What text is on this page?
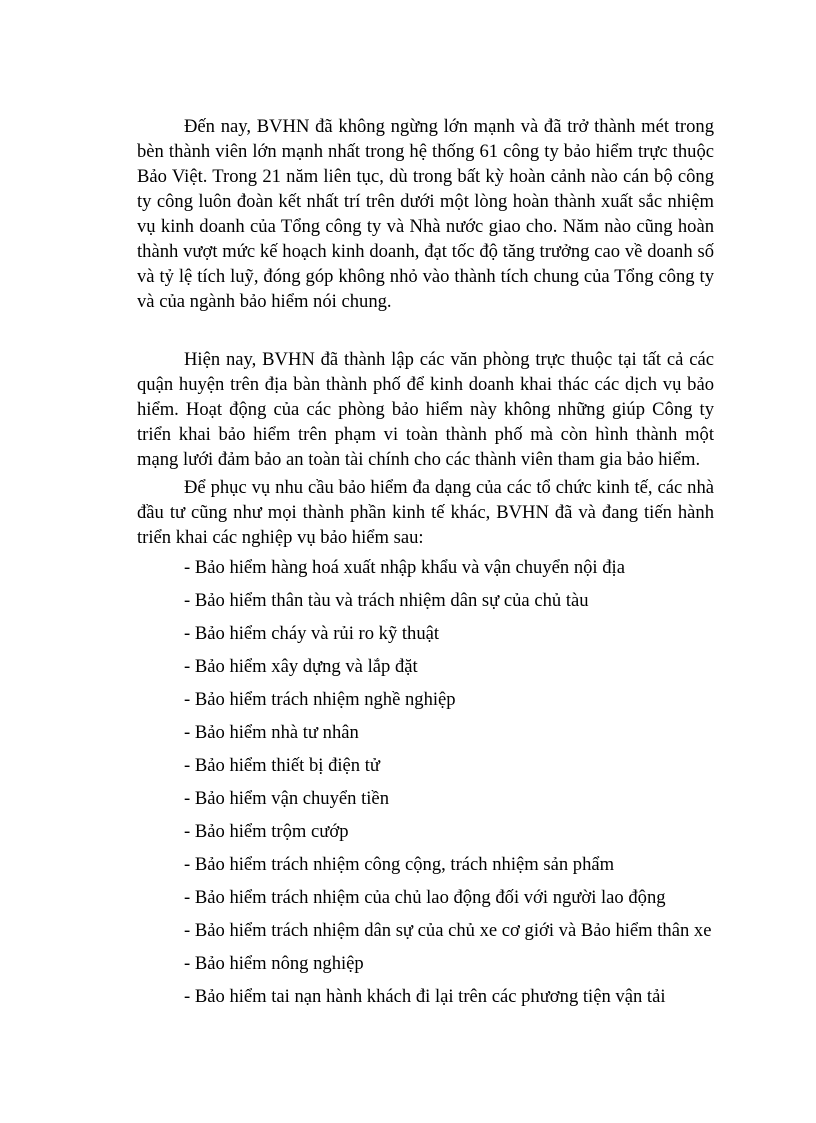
Đến nay, BVHN đã không ngừng lớn mạnh và đã trở thành mét trong bèn thành viên lớn mạnh nhất trong hệ thống 61 công ty bảo hiểm trực thuộc Bảo Việt. Trong 21 năm liên tục, dù trong bất kỳ hoàn cảnh nào cán bộ công ty công luôn đoàn kết nhất trí trên dưới một lòng hoàn thành xuất sắc nhiệm vụ kinh doanh của Tổng công ty và Nhà nước giao cho. Năm nào cũng hoàn thành vượt mức kế hoạch kinh doanh, đạt tốc độ tăng trưởng cao về doanh số và tỷ lệ tích luỹ, đóng góp không nhỏ vào thành tích chung của Tổng công ty và của ngành bảo hiểm nói chung.

Hiện nay, BVHN đã thành lập các văn phòng trực thuộc tại tất cả các quận huyện trên địa bàn thành phố để kinh doanh khai thác các dịch vụ bảo hiểm. Hoạt động của các phòng bảo hiểm này không những giúp Công ty triển khai bảo hiểm trên phạm vi toàn thành phố mà còn hình thành một mạng lưới đảm bảo an toàn tài chính cho các thành viên tham gia bảo hiểm.

Để phục vụ nhu cầu bảo hiểm đa dạng của các tổ chức kinh tế, các nhà đầu tư cũng như mọi thành phần kinh tế khác, BVHN đã và đang tiến hành triển khai các nghiệp vụ bảo hiểm sau:

- Bảo hiểm hàng hoá xuất nhập khẩu và vận chuyển nội địa
- Bảo hiểm thân tàu và trách nhiệm dân sự của chủ tàu
- Bảo hiểm cháy và rủi ro kỹ thuật
- Bảo hiểm xây dựng và lắp đặt
- Bảo hiểm trách nhiệm nghề nghiệp
- Bảo hiểm nhà tư nhân
- Bảo hiểm thiết bị điện tử
- Bảo hiểm vận chuyển tiền
- Bảo hiểm trộm cướp
- Bảo hiểm trách nhiệm công cộng, trách nhiệm sản phẩm
- Bảo hiểm trách nhiệm của chủ lao động đối với người lao động
- Bảo hiểm trách nhiệm dân sự của chủ xe cơ giới và Bảo hiểm thân xe
- Bảo hiểm nông nghiệp
- Bảo hiểm tai nạn hành khách đi lại trên các phương tiện vận tải
